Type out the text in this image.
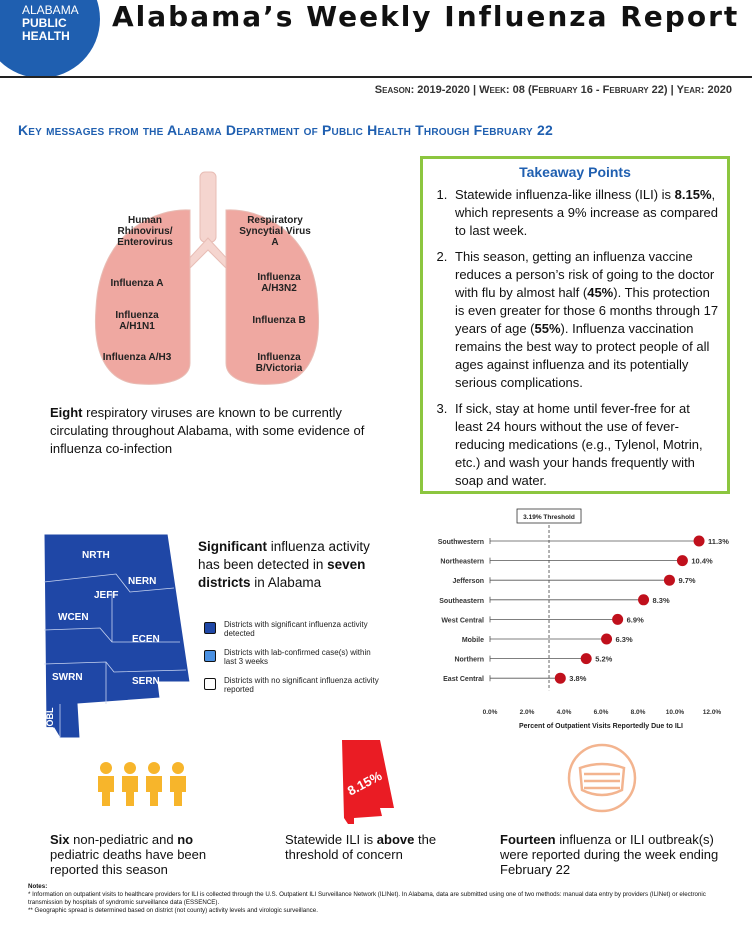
ALABAMA
PUBLIC
HEALTH
Alabama’s Weekly Influenza Report
Season: 2019-2020 | Week: 08 (February 16 - February 22) | Year: 2020
Key messages from the Alabama Department of Public Health Through February 22
Human Rhinovirus/ Enterovirus
Influenza A
Influenza A/H1N1
Influenza A/H3
Respiratory Syncytial Virus A
Influenza A/H3N2
Influenza B
Influenza B/Victoria
Eight respiratory viruses are known to be currently circulating throughout Alabama, with some evidence of influenza co-infection
Takeaway Points
1. Statewide influenza-like illness (ILI) is 8.15%, which represents a 9% increase as compared to last week.
2. This season, getting an influenza vaccine reduces a person’s risk of going to the doctor with flu by almost half (45%). This protection is even greater for those 6 months through 17 years of age (55%). Influenza vaccination remains the best way to protect people of all ages against influenza and its potentially serious complications.
3. If sick, stay at home until fever-free for at least 24 hours without the use of fever-reducing medications (e.g., Tylenol, Motrin, etc.) and wash your hands frequently with soap and water.
NRTH
NERN
JEFF
WCEN
ECEN
SWRN	SERN
MOBL
Significant influenza activity has been detected in seven districts in Alabama
Districts with significant influenza activity detected
Districts with lab-confirmed case(s) within last 3 weeks
Districts with no significant influenza activity reported
3.19% Threshold
0.0%	2.0%	4.0%	6.0%	8.0%	10.0%	12.0%
Percent of Outpatient Visits Reportedly Due to ILI
Southwestern	11.3%
Northeastern	10.4%
Jefferson	9.7%
Southeastern	8.3%
West Central	6.9%
Mobile	6.3%
Northern	5.2%
East Central	3.8%
Six non-pediatric and no pediatric deaths have been reported this season
8.15%
Statewide ILI is above the threshold of concern
Fourteen influenza or ILI outbreak(s) were reported during the week ending February 22
Notes:
* Information on outpatient visits to healthcare providers for ILI is collected through the U.S. Outpatient ILI Surveillance Network (ILINet). In Alabama, data are submitted using one of two methods: manual data entry by providers (ILINet) or electronic transmission by hospitals of syndromic surveillance data (ESSENCE).
** Geographic spread is determined based on district (not county) activity levels and virologic surveillance.
